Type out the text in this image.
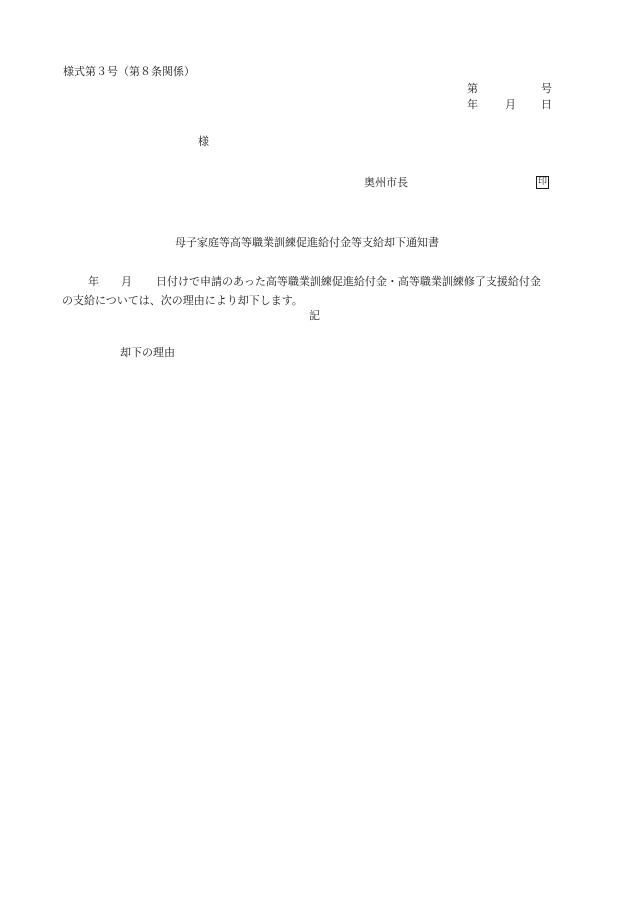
様式第３号（第８条関係）
第	号
年 月 日
様
奥州市長	印
母子家庭等高等職業訓練促進給付金等支給却下通知書
年 月 日付けで申請のあった高等職業訓練促進給付金・高等職業訓練修了支援給付金
の支給については、次の理由により却下します。
記
却下の理由
